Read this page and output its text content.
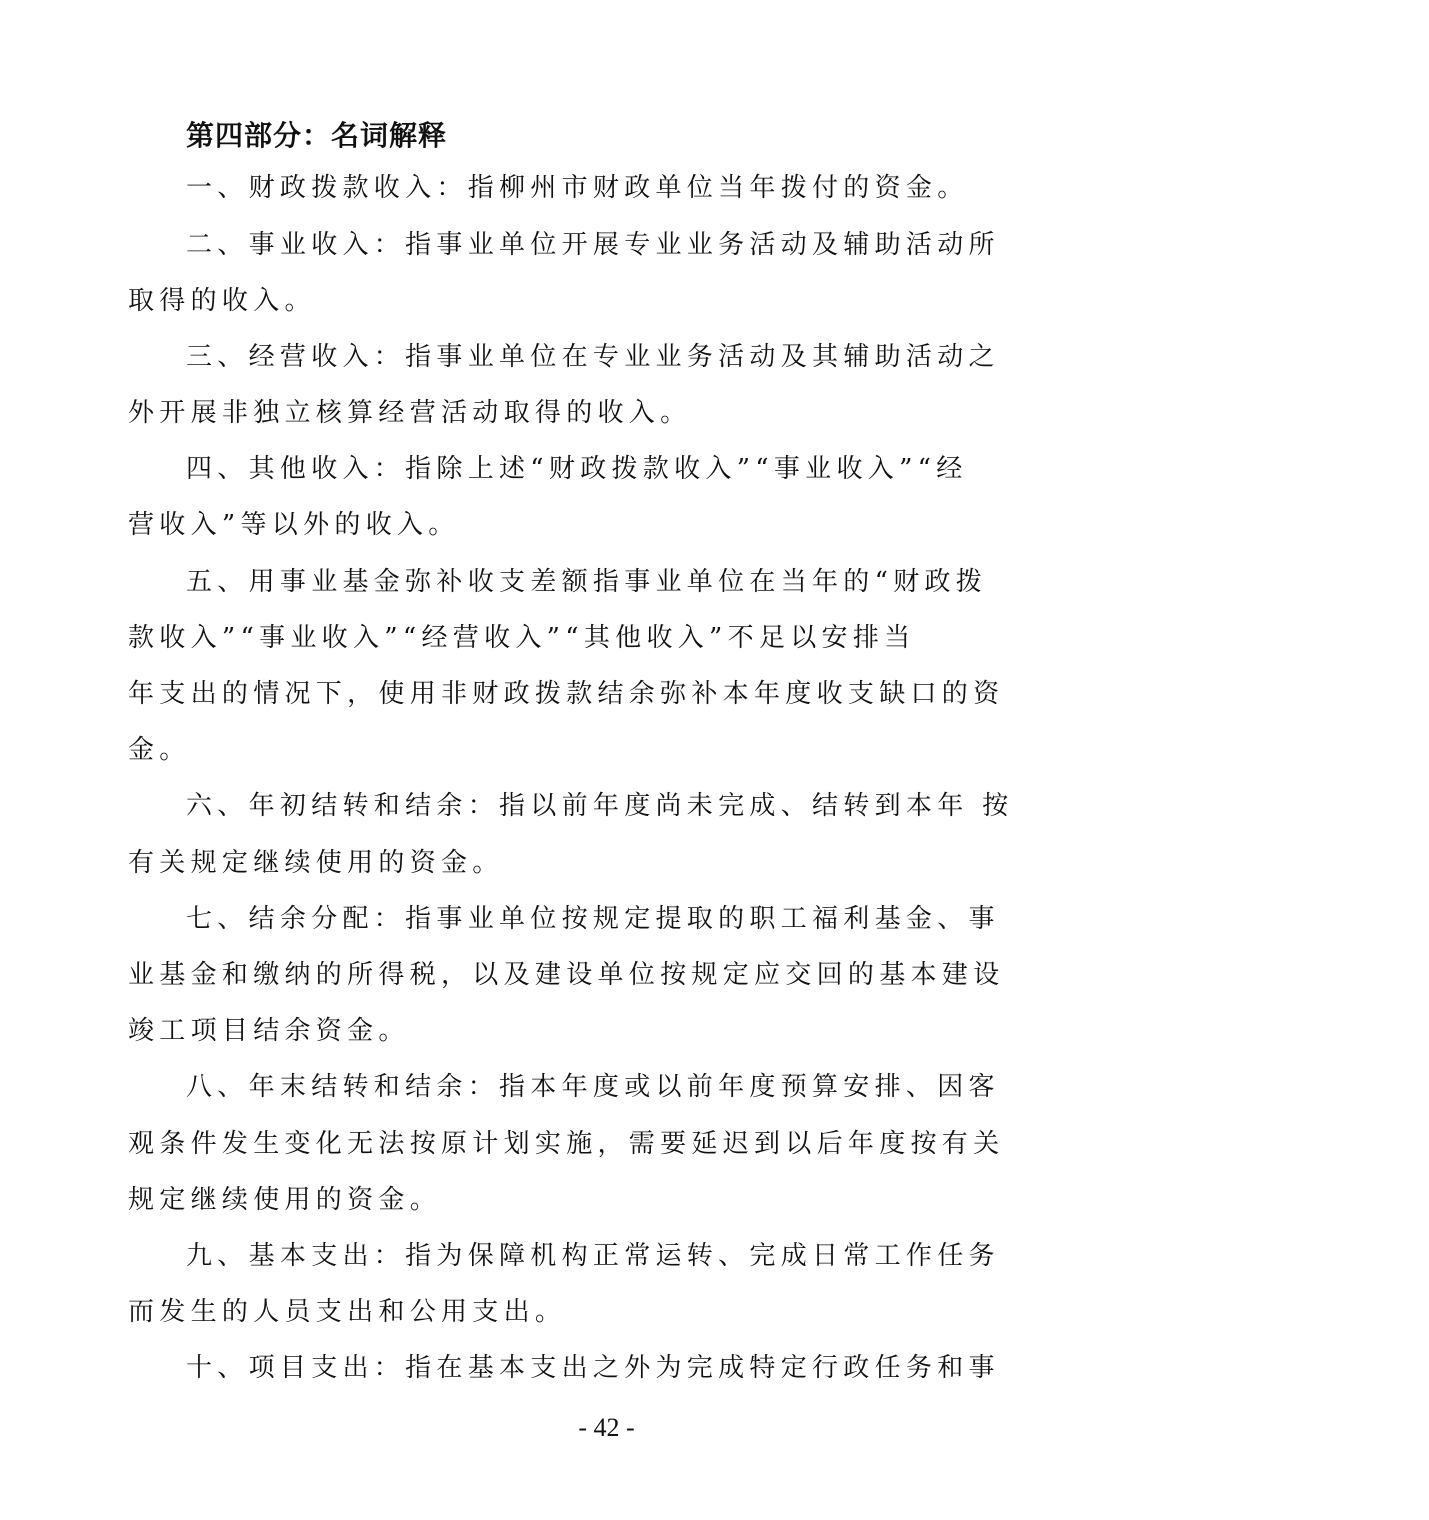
第四部分：名词解释
一、财政拨款收入：指柳州市财政单位当年拨付的资金。
二、事业收入：指事业单位开展专业业务活动及辅助活动所
取得的收入。
三、经营收入：指事业单位在专业业务活动及其辅助活动之
外开展非独立核算经营活动取得的收入。
四、其他收入：指除上述“财政拨款收入”“事业收入”“经
营收入”等以外的收入。
五、用事业基金弥补收支差额指事业单位在当年的“财政拨
款收入”“事业收入”“经营收入”“其他收入”不足以安排当
年支出的情况下，使用非财政拨款结余弥补本年度收支缺口的资
金。
六、年初结转和结余：指以前年度尚未完成、结转到本年 按
有关规定继续使用的资金。
七、结余分配：指事业单位按规定提取的职工福利基金、事
业基金和缴纳的所得税，以及建设单位按规定应交回的基本建设
竣工项目结余资金。
八、年末结转和结余：指本年度或以前年度预算安排、因客
观条件发生变化无法按原计划实施，需要延迟到以后年度按有关
规定继续使用的资金。
九、基本支出：指为保障机构正常运转、完成日常工作任务
而发生的人员支出和公用支出。
十、项目支出：指在基本支出之外为完成特定行政任务和事
- 42 -
